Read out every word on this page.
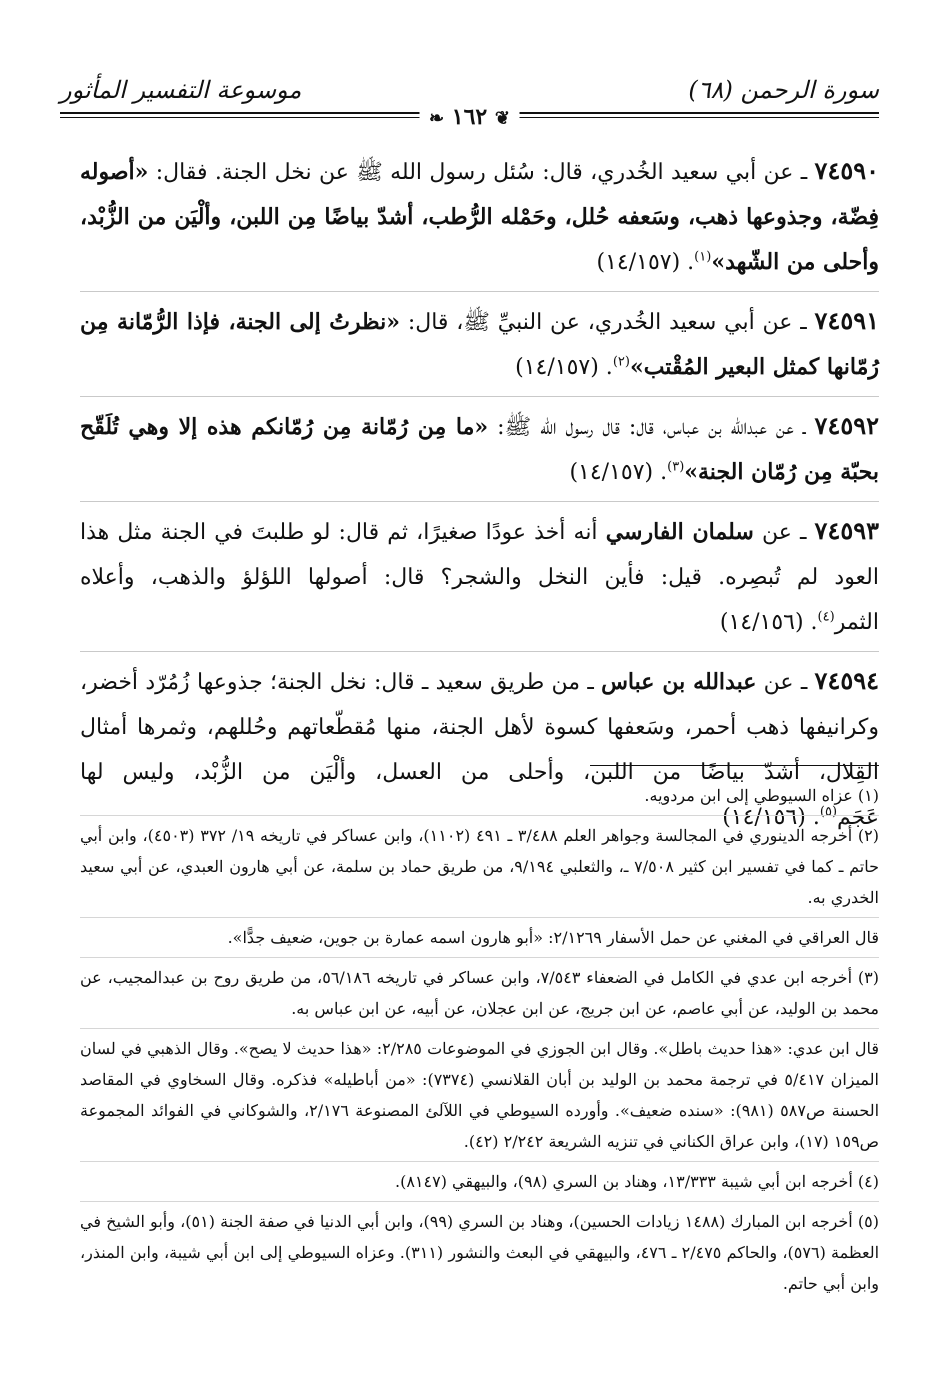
سورة الرحمن (٦٨)
موسوعة التفسير المأثور
❦ ١٦٢ ❧

٧٤٥٩٠ ـ عن أبي سعيد الخُدري، قال: سُئل رسول الله ﷺ عن نخل الجنة. فقال: «أصوله فِضّة، وجذوعها ذهب، وسَعفه حُلل، وحَمْله الرُّطب، أشدّ بياضًا مِن اللبن، وألْيَن من الزُّبْد، وأحلى من الشّهد»$^{(١)}$. (١٤/١٥٧)

٧٤٥٩١ ـ عن أبي سعيد الخُدري، عن النبيِّ ﷺ، قال: «نظرتُ إلى الجنة، فإذا الرُّمّانة مِن رُمّانها كمثل البعير المُقْتب»$^{(٢)}$. (١٤/١٥٧)

٧٤٥٩٢ ـ عن عبدالله بن عباس، قال: قال رسول الله ﷺ: «ما مِن رُمّانة مِن رُمّانكم هذه إلا وهي تُلَقّح بحبّة مِن رُمّان الجنة»$^{(٣)}$. (١٤/١٥٧)

٧٤٥٩٣ ـ عن سلمان الفارسي أنه أخذ عودًا صغيرًا، ثم قال: لو طلبتَ في الجنة مثل هذا العود لم تُبصِره. قيل: فأين النخل والشجر؟ قال: أصولها اللؤلؤ والذهب، وأعلاه الثمر$^{(٤)}$. (١٤/١٥٦)

٧٤٥٩٤ ـ عن عبدالله بن عباس ـ من طريق سعيد ـ قال: نخل الجنة؛ جذوعها زُمُرّد أخضر، وكرانيفها ذهب أحمر، وسَعفها كسوة لأهل الجنة، منها مُقطّعاتهم وحُللهم، وثمرها أمثال القِلال، أشدّ بياضًا من اللبن، وأحلى من العسل، وألْيَن من الزُّبْد، وليس لها عَجَم$^{(٥)}$. (١٤/١٥٦)

(١) عزاه السيوطي إلى ابن مردويه.

(٢) أخرجه الدينوري في المجالسة وجواهر العلم ٣/٤٨٨ ـ ٤٩١ (١١٠٢)، وابن عساكر في تاريخه ١٩/ ٣٧٢ (٤٥٠٣)، وابن أبي حاتم ـ كما في تفسير ابن كثير ٧/٥٠٨ ـ، والثعلبي ٩/١٩٤، من طريق حماد بن سلمة، عن أبي هارون العبدي، عن أبي سعيد الخدري به.

قال العراقي في المغني عن حمل الأسفار ٢/١٢٦٩: «أبو هارون اسمه عمارة بن جوين، ضعيف جدًّا».

(٣) أخرجه ابن عدي في الكامل في الضعفاء ٧/٥٤٣، وابن عساكر في تاريخه ٥٦/١٨٦، من طريق روح بن عبدالمجيب، عن محمد بن الوليد، عن أبي عاصم، عن ابن جريج، عن ابن عجلان، عن أبيه، عن ابن عباس به.

قال ابن عدي: «هذا حديث باطل». وقال ابن الجوزي في الموضوعات ٢/٢٨٥: «هذا حديث لا يصح». وقال الذهبي في لسان الميزان ٥/٤١٧ في ترجمة محمد بن الوليد بن أبان القلانسي (٧٣٧٤): «من أباطيله» فذكره. وقال السخاوي في المقاصد الحسنة ص٥٨٧ (٩٨١): «سنده ضعيف». وأورده السيوطي في اللآلئ المصنوعة ٢/١٧٦، والشوكاني في الفوائد المجموعة ص١٥٩ (١٧)، وابن عراق الكناني في تنزيه الشريعة ٢/٢٤٢ (٤٢).

(٤) أخرجه ابن أبي شيبة ١٣/٣٣٣، وهناد بن السري (٩٨)، والبيهقي (٨١٤٧).

(٥) أخرجه ابن المبارك (١٤٨٨ زيادات الحسين)، وهناد بن السري (٩٩)، وابن أبي الدنيا في صفة الجنة (٥١)، وأبو الشيخ في العظمة (٥٧٦)، والحاكم ٢/٤٧٥ ـ ٤٧٦، والبيهقي في البعث والنشور (٣١١). وعزاه السيوطي إلى ابن أبي شيبة، وابن المنذر، وابن أبي حاتم.
